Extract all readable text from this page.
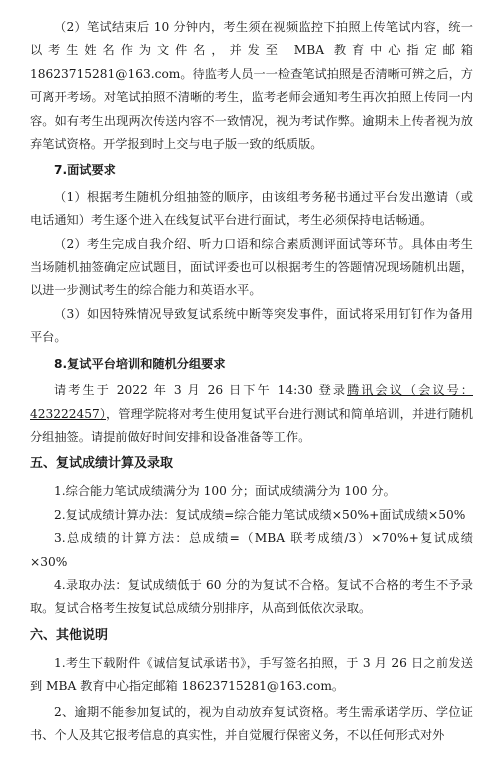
（2）笔试结束后 10 分钟内，考生须在视频监控下拍照上传笔试内容，统一以考生姓名作为文件名，并发至 MBA 教育中心指定邮箱 18623715281@163.com。待监考人员一一检查笔试拍照是否清晰可辨之后，方可离开考场。对笔试拍照不清晰的考生，监考老师会通知考生再次拍照上传同一内容。如有考生出现两次传送内容不一致情况，视为考试作弊。逾期未上传者视为放弃笔试资格。开学报到时上交与电子版一致的纸质版。

7.面试要求

（1）根据考生随机分组抽签的顺序，由该组考务秘书通过平台发出邀请（或电话通知）考生逐个进入在线复试平台进行面试，考生必须保持电话畅通。

（2）考生完成自我介绍、听力口语和综合素质测评面试等环节。具体由考生当场随机抽签确定应试题目，面试评委也可以根据考生的答题情况现场随机出题，以进一步测试考生的综合能力和英语水平。

（3）如因特殊情况导致复试系统中断等突发事件，面试将采用钉钉作为备用平台。

8.复试平台培训和随机分组要求

请考生于 2022 年 3 月 26 日下午 14:30 登录腾讯会议（会议号：423222457），管理学院将对考生使用复试平台进行测试和简单培训，并进行随机分组抽签。请提前做好时间安排和设备准备等工作。

五、复试成绩计算及录取

1.综合能力笔试成绩满分为 100 分；面试成绩满分为 100 分。

2.复试成绩计算办法：复试成绩=综合能力笔试成绩×50%+面试成绩×50%

3.总成绩的计算方法：总成绩=（MBA 联考成绩/3）×70%+复试成绩×30%

4.录取办法：复试成绩低于 60 分的为复试不合格。复试不合格的考生不予录取。复试合格考生按复试总成绩分别排序，从高到低依次录取。

六、其他说明

1.考生下载附件《诚信复试承诺书》，手写签名拍照，于 3 月 26 日之前发送到 MBA 教育中心指定邮箱 18623715281@163.com。

2、逾期不能参加复试的，视为自动放弃复试资格。考生需承诺学历、学位证书、个人及其它报考信息的真实性，并自觉履行保密义务，不以任何形式对外
